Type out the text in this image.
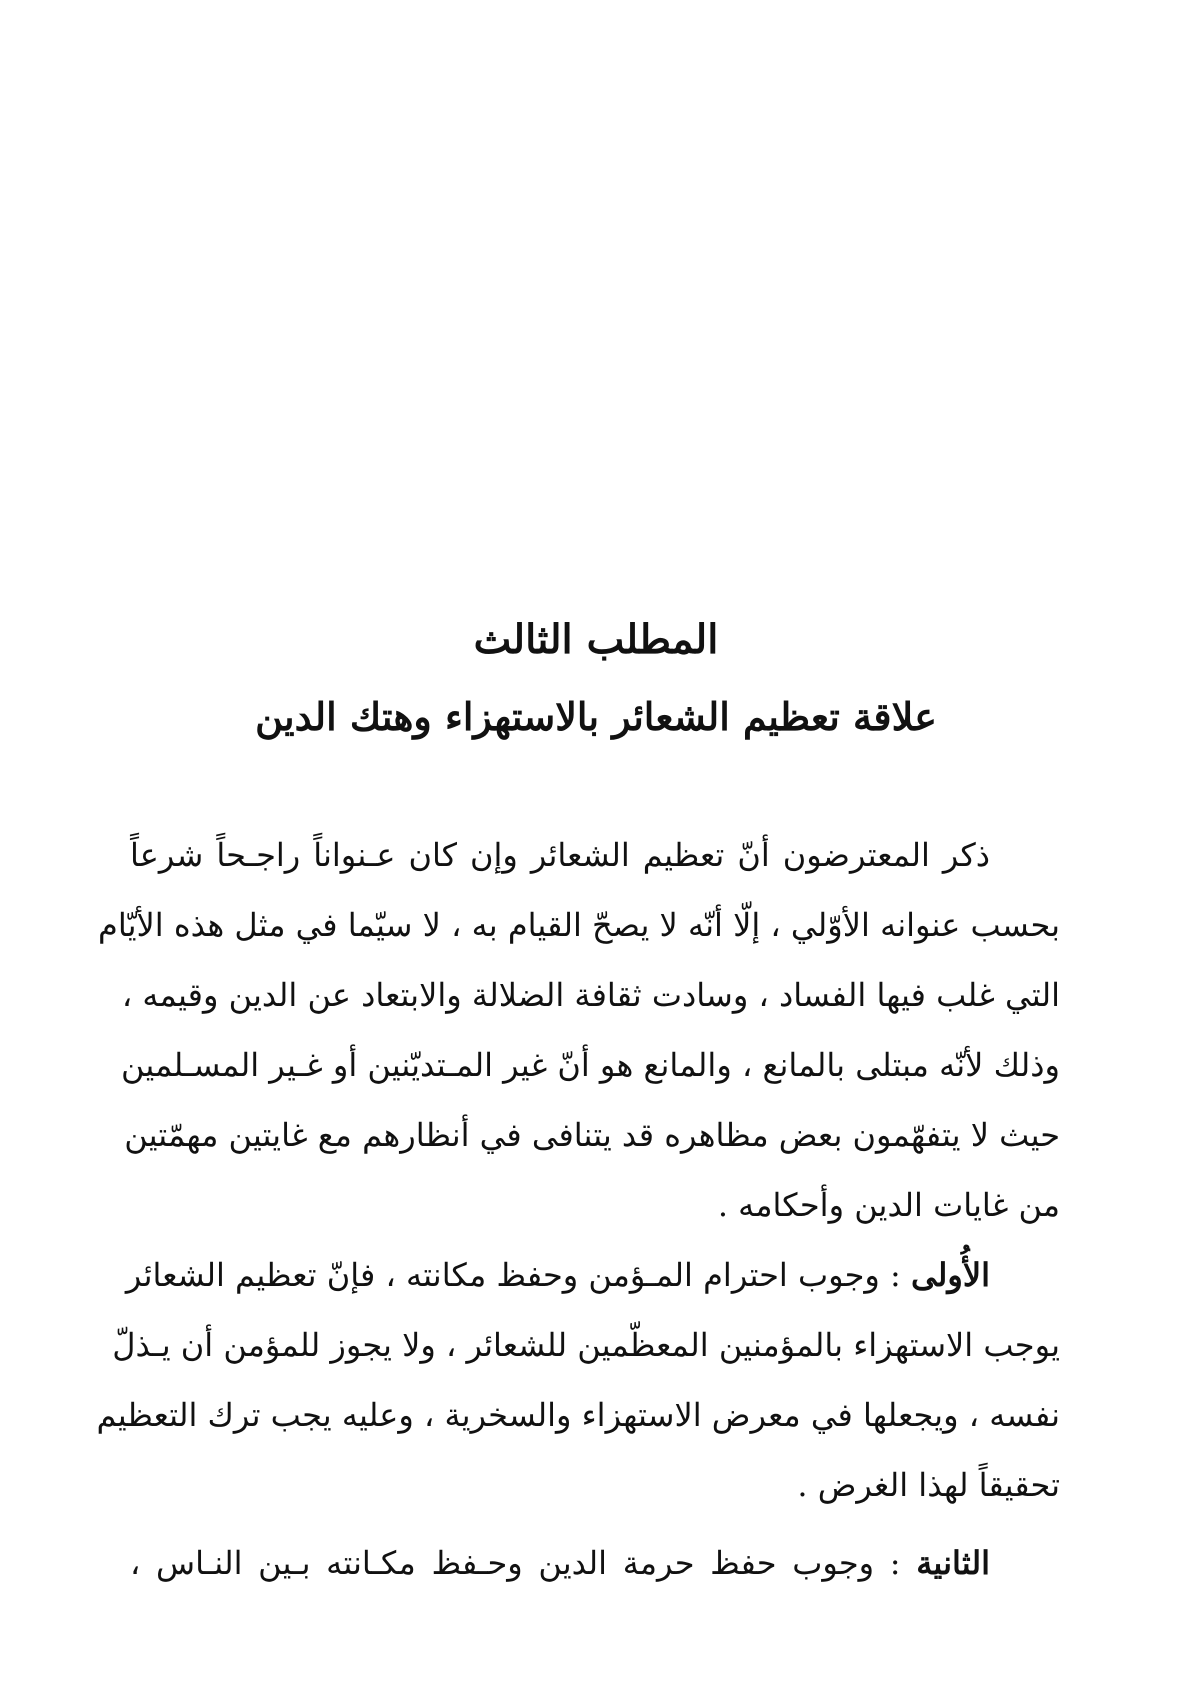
المطلب الثالث
علاقة تعظيم الشعائر بالاستهزاء وهتك الدين
ذكر المعترضون أنّ تعظيم الشعائر وإن كان عـنواناً راجـحاً شرعاً
بحسب عنوانه الأوّلي ، إلّا أنّه لا يصحّ القيام به ، لا سيّما في مثل هذه الأيّام
التي غلب فيها الفساد ، وسادت ثقافة الضلالة والابتعاد عن الدين وقيمه ،
وذلك لأنّه مبتلى بالمانع ، والمانع هو أنّ غير المـتديّنين أو غـير المسـلمين
حيث لا يتفهّمون بعض مظاهره قد يتنافى في أنظارهم مع غايتين مهمّتين
من غايات الدين وأحكامه .
الأُولى : وجوب احترام المـؤمن وحفظ مكانته ، فإنّ تعظيم الشعائر
يوجب الاستهزاء بالمؤمنين المعظّمين للشعائر ، ولا يجوز للمؤمن أن يـذلّ
نفسه ، ويجعلها في معرض الاستهزاء والسخرية ، وعليه يجب ترك التعظيم
تحقيقاً لهذا الغرض .
الثانية : وجوب حفظ حرمة الدين وحـفظ مكـانته بـين النـاس ،
